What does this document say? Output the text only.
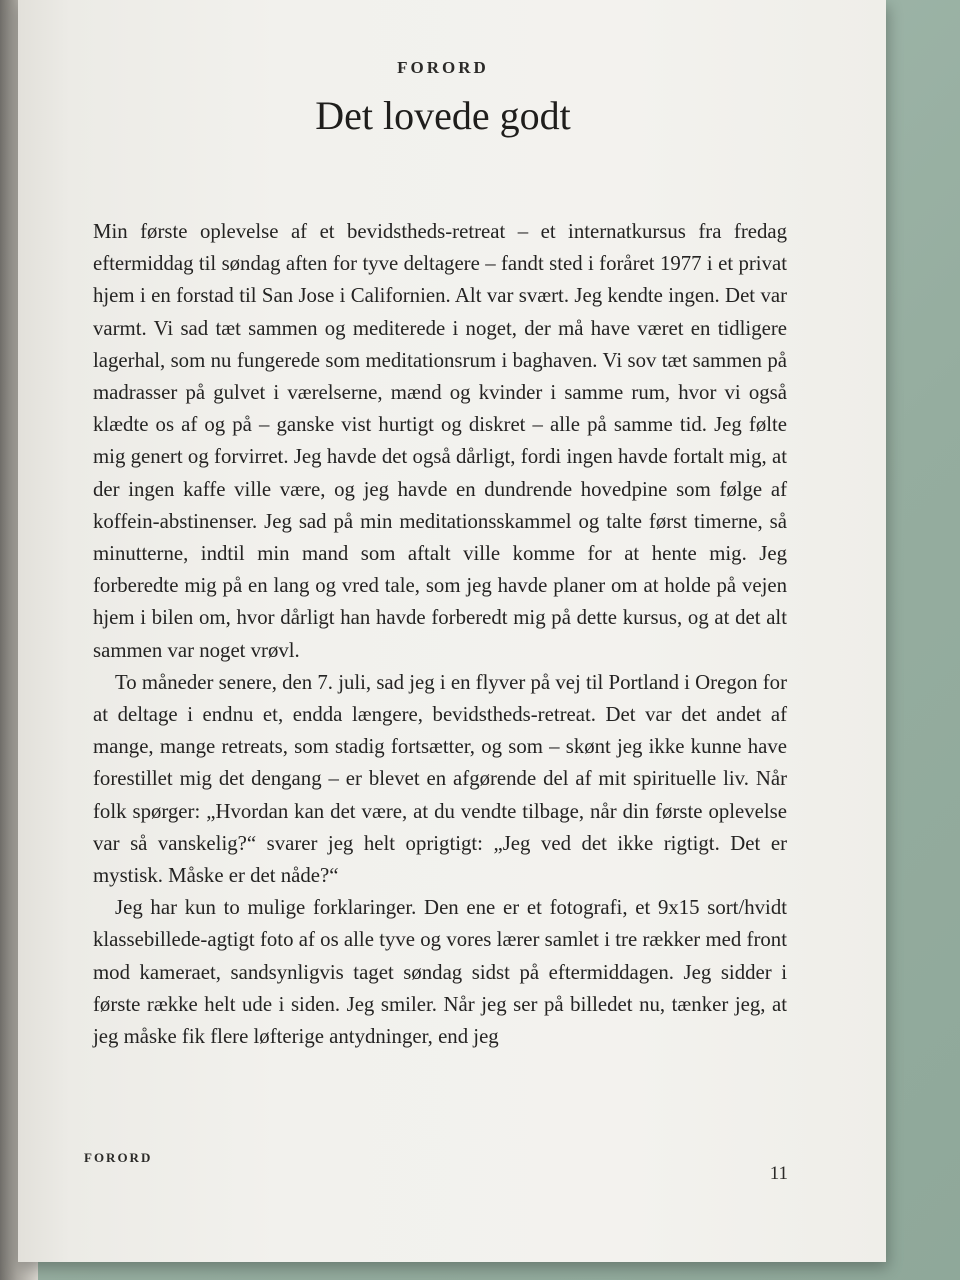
FORORD
Det lovede godt

Min første oplevelse af et bevidstheds-retreat – et internatkursus fra fredag eftermiddag til søndag aften for tyve deltagere – fandt sted i foråret 1977 i et privat hjem i en forstad til San Jose i Californien. Alt var svært. Jeg kendte ingen. Det var varmt. Vi sad tæt sammen og mediterede i noget, der må have været en tidligere lagerhal, som nu fungerede som meditationsrum i baghaven. Vi sov tæt sammen på madrasser på gulvet i værelserne, mænd og kvinder i samme rum, hvor vi også klædte os af og på – ganske vist hurtigt og diskret – alle på samme tid. Jeg følte mig genert og forvirret. Jeg havde det også dårligt, fordi ingen havde fortalt mig, at der ingen kaffe ville være, og jeg havde en dundrende hovedpine som følge af koffein-abstinenser. Jeg sad på min meditationsskammel og talte først timerne, så minutterne, indtil min mand som aftalt ville komme for at hente mig. Jeg forberedte mig på en lang og vred tale, som jeg havde planer om at holde på vejen hjem i bilen om, hvor dårligt han havde forberedt mig på dette kursus, og at det alt sammen var noget vrøvl.

To måneder senere, den 7. juli, sad jeg i en flyver på vej til Portland i Oregon for at deltage i endnu et, endda længere, bevidstheds-retreat. Det var det andet af mange, mange retreats, som stadig fortsætter, og som – skønt jeg ikke kunne have forestillet mig det dengang – er blevet en afgørende del af mit spirituelle liv. Når folk spørger: „Hvordan kan det være, at du vendte tilbage, når din første oplevelse var så vanskelig?“ svarer jeg helt oprigtigt: „Jeg ved det ikke rigtigt. Det er mystisk. Måske er det nåde?“

Jeg har kun to mulige forklaringer. Den ene er et fotografi, et 9x15 sort/hvidt klassebillede-agtigt foto af os alle tyve og vores lærer samlet i tre rækker med front mod kameraet, sandsynligvis taget søndag sidst på eftermiddagen. Jeg sidder i første række helt ude i siden. Jeg smiler. Når jeg ser på billedet nu, tænker jeg, at jeg måske fik flere løfterige antydninger, end jeg

FORORD
11
